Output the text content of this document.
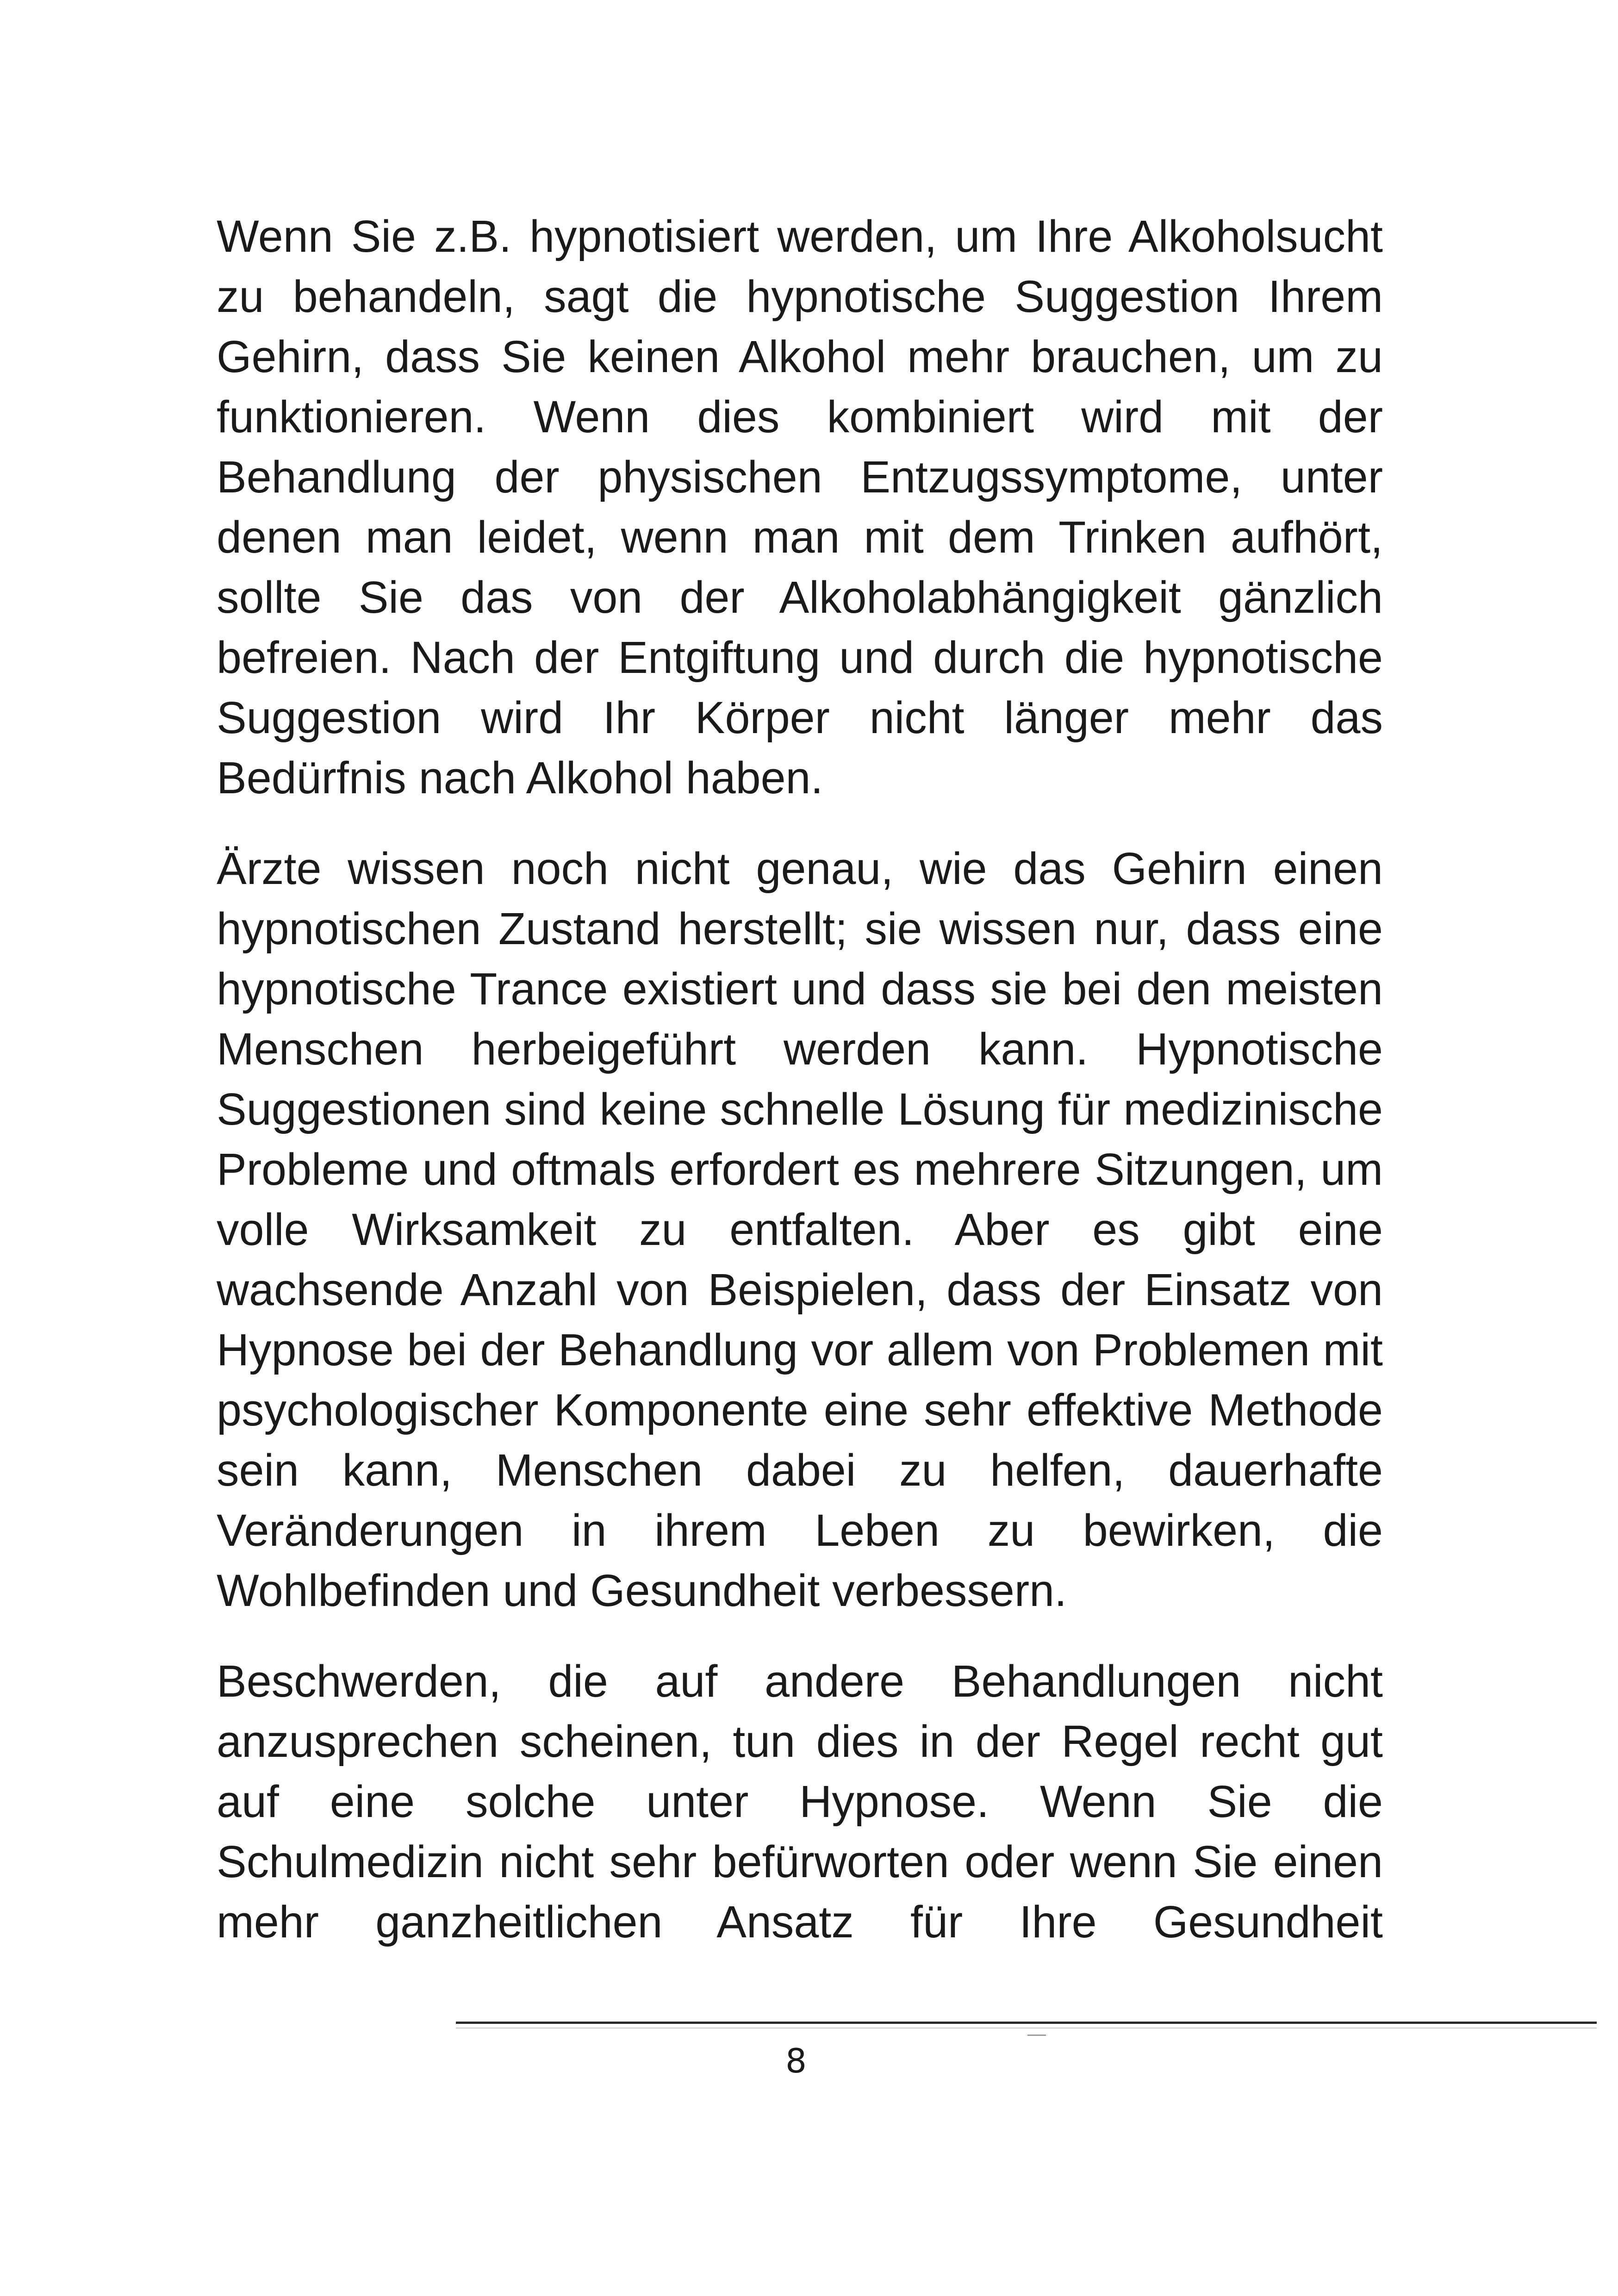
Wenn Sie z.B. hypnotisiert werden, um Ihre Alkoholsucht zu behandeln, sagt die hypnotische Suggestion Ihrem Gehirn, dass Sie keinen Alkohol mehr brauchen, um zu funktionieren. Wenn dies kombiniert wird mit der Behandlung der physischen Entzugssymptome, unter denen man leidet, wenn man mit dem Trinken aufhört, sollte Sie das von der Alkoholabhängigkeit gänzlich befreien. Nach der Entgiftung und durch die hypnotische Suggestion wird Ihr Körper nicht länger mehr das Bedürfnis nach Alkohol haben.

Ärzte wissen noch nicht genau, wie das Gehirn einen hypnotischen Zustand herstellt; sie wissen nur, dass eine hypnotische Trance existiert und dass sie bei den meisten Menschen herbeigeführt werden kann. Hypnotische Suggestionen sind keine schnelle Lösung für medizinische Probleme und oftmals erfordert es mehrere Sitzungen, um volle Wirksamkeit zu entfalten. Aber es gibt eine wachsende Anzahl von Beispielen, dass der Einsatz von Hypnose bei der Behandlung vor allem von Problemen mit psychologischer Komponente eine sehr effektive Methode sein kann, Menschen dabei zu helfen, dauerhafte Veränderungen in ihrem Leben zu bewirken, die Wohlbefinden und Gesundheit verbessern.

Beschwerden, die auf andere Behandlungen nicht anzusprechen scheinen, tun dies in der Regel recht gut auf eine solche unter Hypnose. Wenn Sie die Schulmedizin nicht sehr befürworten oder wenn Sie einen mehr ganzheitlichen Ansatz für Ihre Gesundheit

8
